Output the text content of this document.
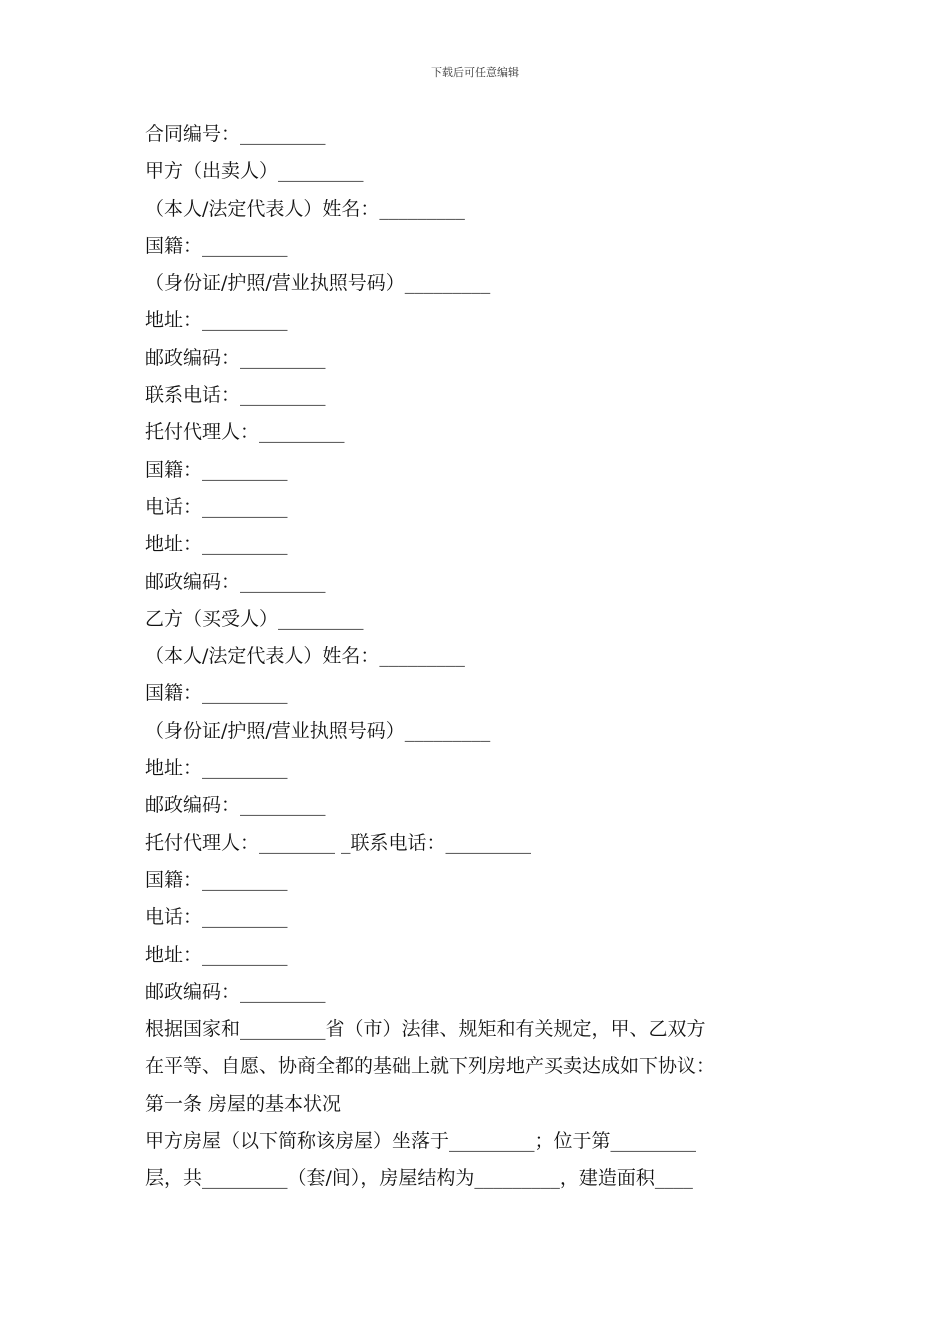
下载后可任意编辑
合同编号：_________
甲方（出卖人）_________
（本人/法定代表人）姓名：_________
国籍：_________
（身份证/护照/营业执照号码）_________
地址：_________
邮政编码：_________
联系电话：_________
托付代理人：_________
国籍：_________
电话：_________
地址：_________
邮政编码：_________
乙方（买受人）_________
（本人/法定代表人）姓名：_________
国籍：_________
（身份证/护照/营业执照号码）_________
地址：_________
邮政编码：_________
托付代理人：________ _联系电话：_________
国籍：_________
电话：_________
地址：_________
邮政编码：_________
根据国家和_________省（市）法律、规矩和有关规定，甲、乙双方
在平等、自愿、协商全都的基础上就下列房地产买卖达成如下协议：
第一条 房屋的基本状况
甲方房屋（以下简称该房屋）坐落于_________；位于第_________
层，共_________（套/间），房屋结构为_________，建造面积____
